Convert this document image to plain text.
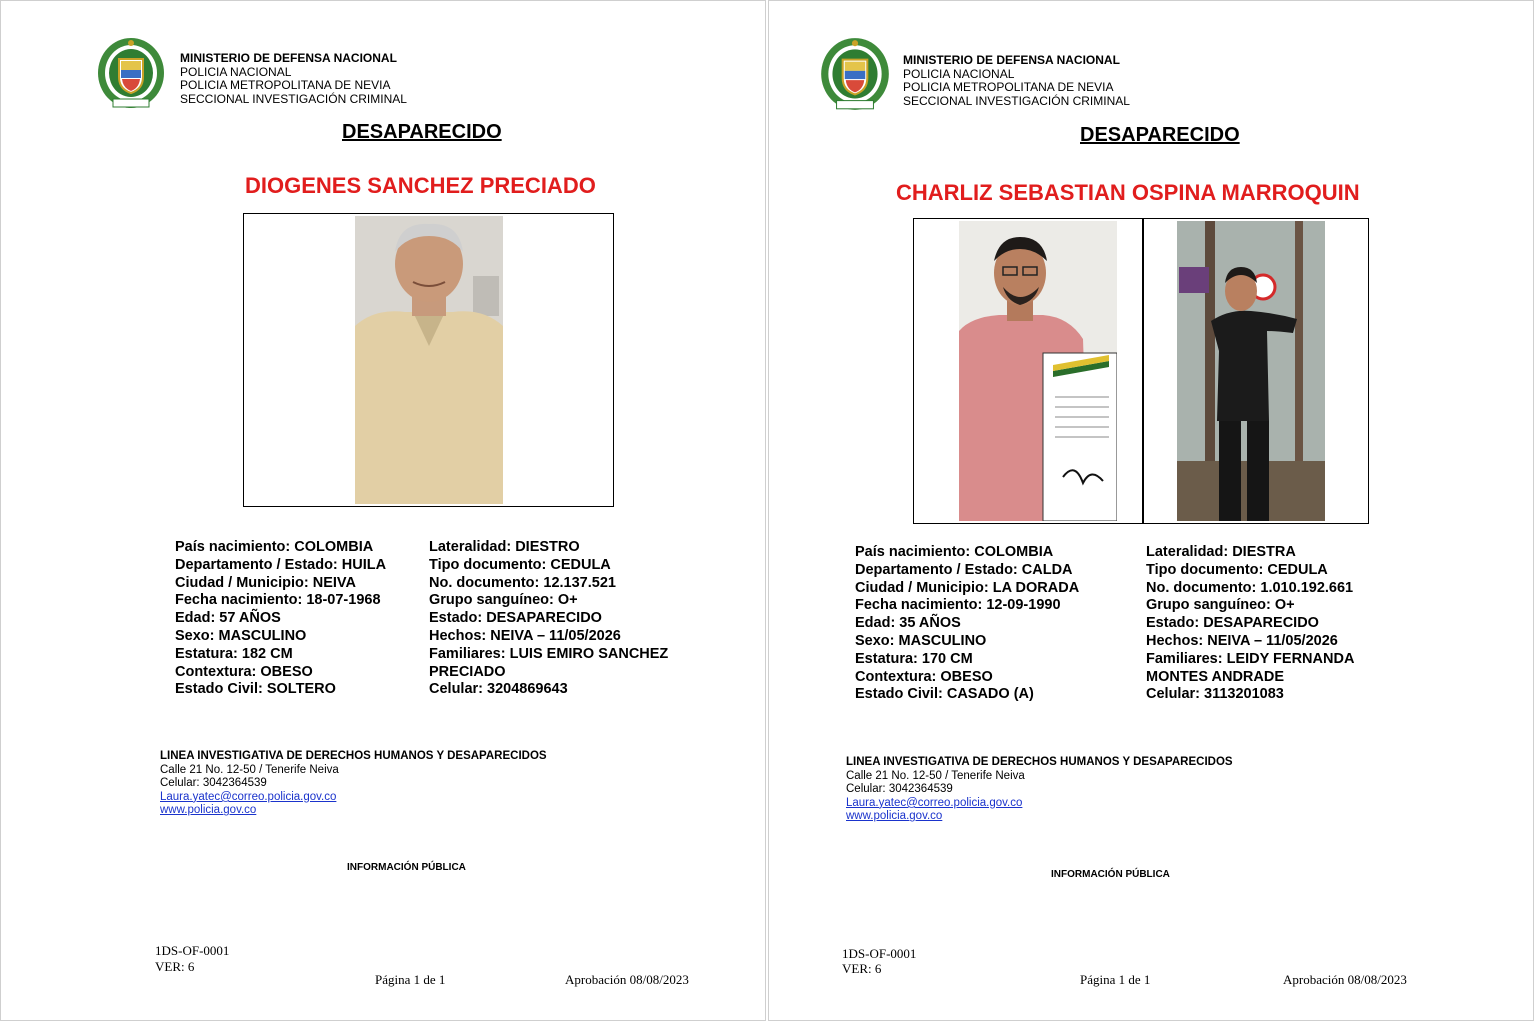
MINISTERIO DE DEFENSA NACIONAL
POLICIA NACIONAL
POLICIA METROPOLITANA DE NEVIA
SECCIONAL INVESTIGACIÓN CRIMINAL
DESAPARECIDO
DIOGENES SANCHEZ PRECIADO
País nacimiento: COLOMBIA
Departamento / Estado: HUILA
Ciudad / Municipio: NEIVA
Fecha nacimiento: 18-07-1968
Edad: 57 AÑOS
Sexo: MASCULINO
Estatura: 182 CM
Contextura: OBESO
Estado Civil: SOLTERO
Lateralidad: DIESTRO
Tipo documento: CEDULA
No. documento: 12.137.521
Grupo sanguíneo: O+
Estado: DESAPARECIDO
Hechos: NEIVA – 11/05/2026
Familiares: LUIS EMIRO SANCHEZ
PRECIADO
Celular: 3204869643
LINEA INVESTIGATIVA DE DERECHOS HUMANOS Y DESAPARECIDOS
Calle 21 No. 12-50 / Tenerife Neiva
Celular: 3042364539
Laura.yatec@correo.policia.gov.co
www.policia.gov.co
INFORMACIÓN PÚBLICA
1DS-OF-0001
VER: 6
Página 1 de 1	Aprobación 08/08/2023
MINISTERIO DE DEFENSA NACIONAL
POLICIA NACIONAL
POLICIA METROPOLITANA DE NEVIA
SECCIONAL INVESTIGACIÓN CRIMINAL
DESAPARECIDO
CHARLIZ SEBASTIAN OSPINA MARROQUIN
País nacimiento: COLOMBIA
Departamento / Estado: CALDA
Ciudad / Municipio: LA DORADA
Fecha nacimiento: 12-09-1990
Edad: 35 AÑOS
Sexo: MASCULINO
Estatura: 170 CM
Contextura: OBESO
Estado Civil: CASADO (A)
Lateralidad: DIESTRA
Tipo documento: CEDULA
No. documento: 1.010.192.661
Grupo sanguíneo: O+
Estado: DESAPARECIDO
Hechos: NEIVA – 11/05/2026
Familiares: LEIDY FERNANDA
MONTES ANDRADE
Celular: 3113201083
LINEA INVESTIGATIVA DE DERECHOS HUMANOS Y DESAPARECIDOS
Calle 21 No. 12-50 / Tenerife Neiva
Celular: 3042364539
Laura.yatec@correo.policia.gov.co
www.policia.gov.co
INFORMACIÓN PÚBLICA
1DS-OF-0001
VER: 6
Página 1 de 1	Aprobación 08/08/2023
